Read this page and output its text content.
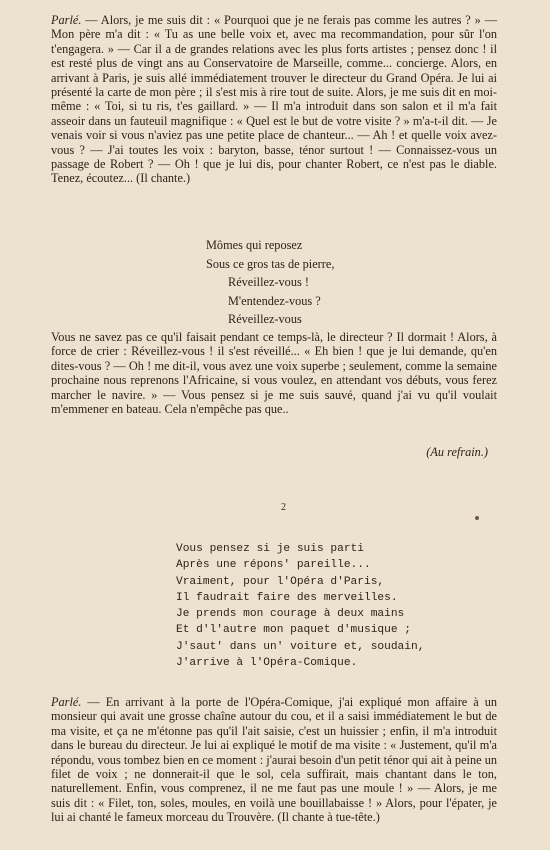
Parlé. — Alors, je me suis dit : « Pourquoi que je ne ferais pas comme les autres ? » — Mon père m'a dit : « Tu as une belle voix et, avec ma recommandation, pour sûr l'on t'engagera. » — Car il a de grandes relations avec les plus forts artistes ; pensez donc ! il est resté plus de vingt ans au Conservatoire de Marseille, comme... concierge. Alors, en arrivant à Paris, je suis allé immédiatement trouver le directeur du Grand Opéra. Je lui ai présenté la carte de mon père ; il s'est mis à rire tout de suite. Alors, je me suis dit en moi-même : « Toi, si tu ris, t'es gaillard. » — Il m'a introduit dans son salon et il m'a fait asseoir dans un fauteuil magnifique : « Quel est le but de votre visite ? » m'a-t-il dit. — Je venais voir si vous n'aviez pas une petite place de chanteur... — Ah ! et quelle voix avez-vous ? — J'ai toutes les voix : baryton, basse, ténor surtout ! — Connaissez-vous un passage de Robert ? — Oh ! que je lui dis, pour chanter Robert, ce n'est pas le diable. Tenez, écoutez... (Il chante.)

Mômes qui reposez
Sous ce gros tas de pierre,
Réveillez-vous !
M'entendez-vous ?
Réveillez-vous

Vous ne savez pas ce qu'il faisait pendant ce temps-là, le directeur ? Il dormait ! Alors, à force de crier : Réveillez-vous ! il s'est réveillé... « Eh bien ! que je lui demande, qu'en dites-vous ? — Oh ! me dit-il, vous avez une voix superbe ; seulement, comme la semaine prochaine nous reprenons l'Africaine, si vous voulez, en attendant vos débuts, vous ferez marcher le navire. » — Vous pensez si je me suis sauvé, quand j'ai vu qu'il voulait m'emmener en bateau. Cela n'empêche pas que..

(Au refrain.)
2
Vous pensez si je suis parti
Après une répons' pareille...
Vraiment, pour l'Opéra d'Paris,
Il faudrait faire des merveilles.
Je prends mon courage à deux mains
Et d'l'autre mon paquet d'musique ;
J'saut' dans un' voiture et, soudain,
J'arrive à l'Opéra-Comique.

Parlé. — En arrivant à la porte de l'Opéra-Comique, j'ai expliqué mon affaire à un monsieur qui avait une grosse chaîne autour du cou, et il a saisi immédiatement le but de ma visite, et ça ne m'étonne pas qu'il l'ait saisie, c'est un huissier ; enfin, il m'a introduit dans le bureau du directeur. Je lui ai expliqué le motif de ma visite : « Justement, qu'il m'a répondu, vous tombez bien en ce moment : j'aurai besoin d'un petit ténor qui ait à peine un filet de voix ; ne donnerait-il que le sol, cela suffirait, mais chantant dans le ton, naturellement. Enfin, vous comprenez, il ne me faut pas une moule ! » — Alors, je me suis dit : « Filet, ton, soles, moules, en voilà une bouillabaisse ! » Alors, pour l'épater, je lui ai chanté le fameux morceau du Trouvère. (Il chante à tue-tête.)
